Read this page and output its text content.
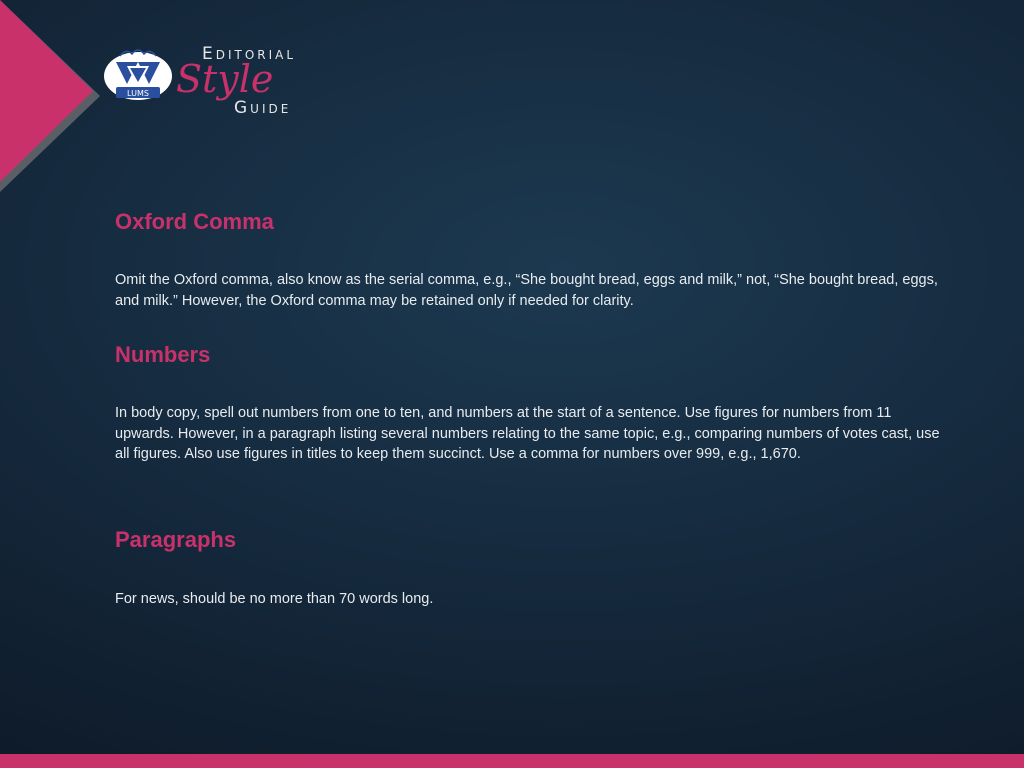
LUMS
Editorial
Style
Guide
Oxford Comma

Omit the Oxford comma, also know as the serial comma, e.g., “She bought bread, eggs and milk,” not, “She bought bread, eggs, and milk.” However, the Oxford comma may be retained only if needed for clarity.

Numbers

In body copy, spell out numbers from one to ten, and numbers at the start of a sentence. Use figures for numbers from 11 upwards. However, in a paragraph listing several numbers relating to the same topic, e.g., comparing numbers of votes cast, use all figures. Also use figures in titles to keep them succinct. Use a comma for numbers over 999, e.g., 1,670.

Paragraphs

For news, should be no more than 70 words long.
